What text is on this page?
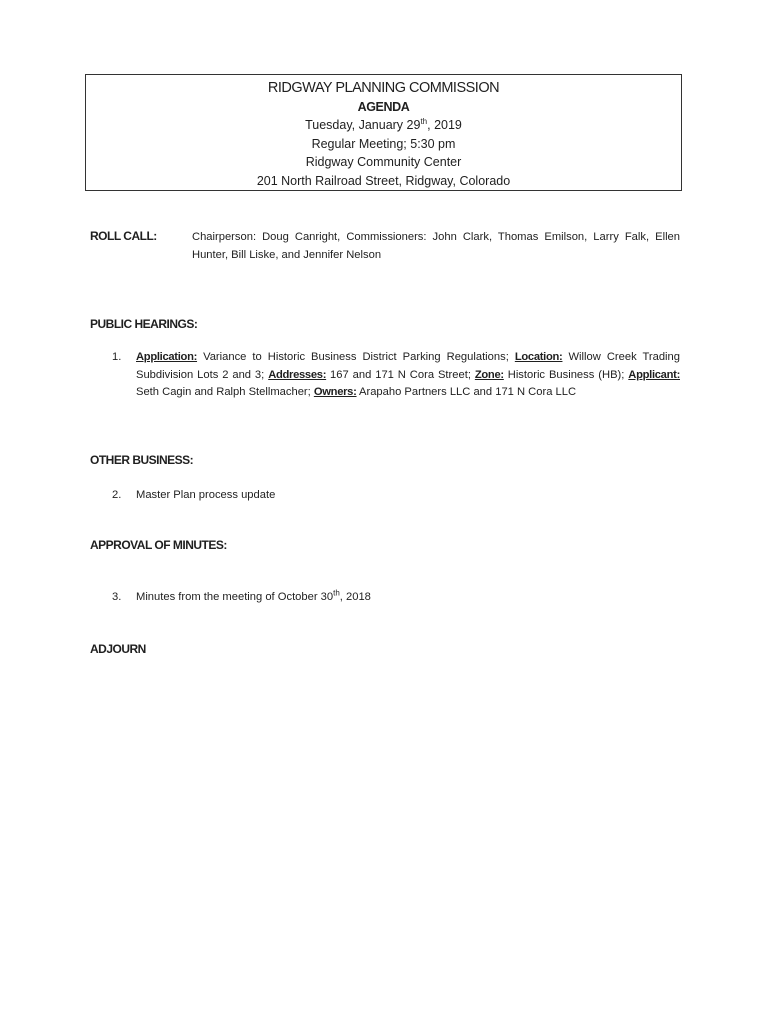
RIDGWAY PLANNING COMMISSION
AGENDA
Tuesday, January 29th, 2019
Regular Meeting; 5:30 pm
Ridgway Community Center
201 North Railroad Street, Ridgway, Colorado
ROLL CALL:	Chairperson: Doug Canright, Commissioners: John Clark, Thomas Emilson, Larry Falk, Ellen Hunter, Bill Liske, and Jennifer Nelson
PUBLIC HEARINGS:
1.	Application: Variance to Historic Business District Parking Regulations; Location: Willow Creek Trading Subdivision Lots 2 and 3; Addresses: 167 and 171 N Cora Street; Zone: Historic Business (HB); Applicant: Seth Cagin and Ralph Stellmacher; Owners: Arapaho Partners LLC and 171 N Cora LLC
OTHER BUSINESS:
2.	Master Plan process update
APPROVAL OF MINUTES:
3.	Minutes from the meeting of October 30th, 2018
ADJOURN
